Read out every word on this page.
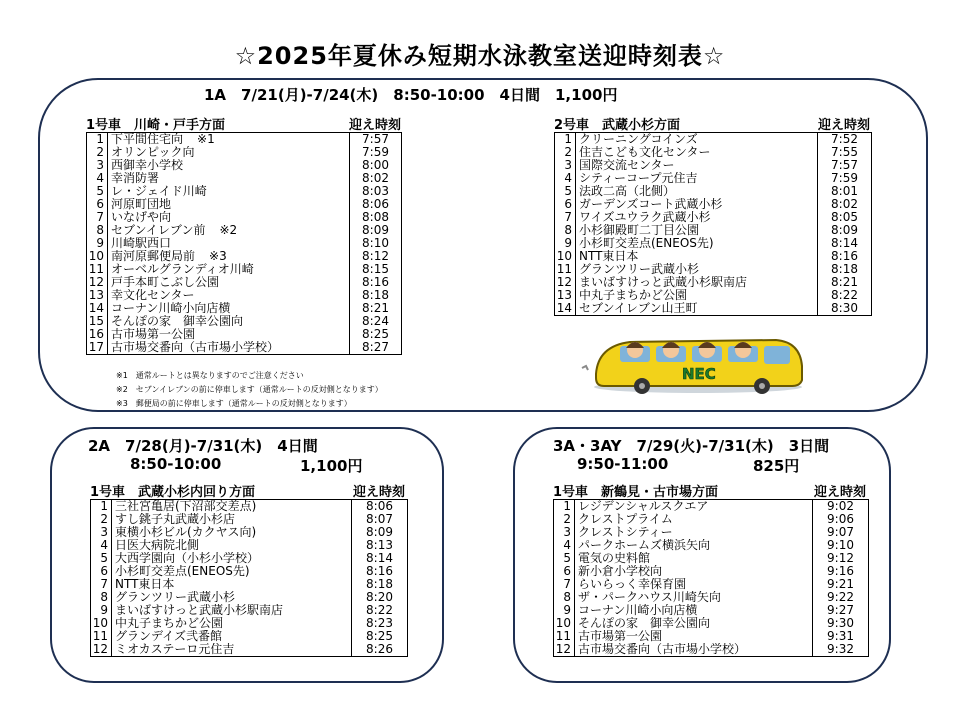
☆2025年夏休み短期水泳教室送迎時刻表☆
1A　7/21(月)-7/24(木)　8:50-10:00　4日間　1,100円
1号車　川崎・戸手方面	迎え時刻
1 下平間住宅向 ※1	7:57
2 オリンピック向	7:59
3 西御幸小学校	8:00
4 幸消防署	8:02
5 レ・ジェイド川崎	8:03
6 河原町団地	8:06
7 いなげや向	8:08
8 セブンイレブン前 ※2	8:09
9 川崎駅西口	8:10
10 南河原郵便局前 ※3	8:12
11 オーベルグランディオ川崎	8:15
12 戸手本町こぶし公園	8:16
13 幸文化センター	8:18
14 コーナン川崎小向店横	8:21
15 そんぽの家　御幸公園向	8:24
16 古市場第一公園	8:25
17 古市場交番向（古市場小学校）	8:27
2号車　武蔵小杉方面	迎え時刻
1 クリーニングコインズ	7:52
2 住吉こども文化センター	7:55
3 国際交流センター	7:57
4 シティーコープ元住吉	7:59
5 法政二高（北側）	8:01
6 ガーデンズコート武蔵小杉	8:02
7 ワイズユウラク武蔵小杉	8:05
8 小杉御殿町二丁目公園	8:09
9 小杉町交差点(ENEOS先)	8:14
10 NTT東日本	8:16
11 グランツリー武蔵小杉	8:18
12 まいばすけっと武蔵小杉駅南店	8:21
13 中丸子まちかど公園	8:22
14 セブンイレブン山王町	8:30
※1　通常ルートとは異なりますのでご注意ください
※2　セブンイレブンの前に停車します（通常ルートの反対側となります）
※3　郵便局の前に停車します（通常ルートの反対側となります）
NEC
2A　7/28(月)-7/31(木)　4日間
8:50-10:00	1,100円
1号車　武蔵小杉内回り方面	迎え時刻
1 三社宮亀居(下沼部交差点)	8:06
2 すし銚子丸武蔵小杉店	8:07
3 東横小杉ビル(カクヤス向)	8:09
4 日医大病院北側	8:13
5 大西学園向（小杉小学校）	8:14
6 小杉町交差点(ENEOS先)	8:16
7 NTT東日本	8:18
8 グランツリー武蔵小杉	8:20
9 まいばすけっと武蔵小杉駅南店	8:22
10 中丸子まちかど公園	8:23
11 グランデイズ弐番館	8:25
12 ミオカステーロ元住吉	8:26
3A・3AY　7/29(火)-7/31(木)　3日間
9:50-11:00	825円
1号車　新鶴見・古市場方面	迎え時刻
1 レジデンシャルスクエア	9:02
2 クレストプライム	9:06
3 クレストシティー	9:07
4 パークホームズ横浜矢向	9:10
5 電気の史料館	9:12
6 新小倉小学校向	9:16
7 らいらっく幸保育園	9:21
8 ザ・パークハウス川崎矢向	9:22
9 コーナン川崎小向店横	9:27
10 そんぽの家　御幸公園向	9:30
11 古市場第一公園	9:31
12 古市場交番向（古市場小学校）	9:32
